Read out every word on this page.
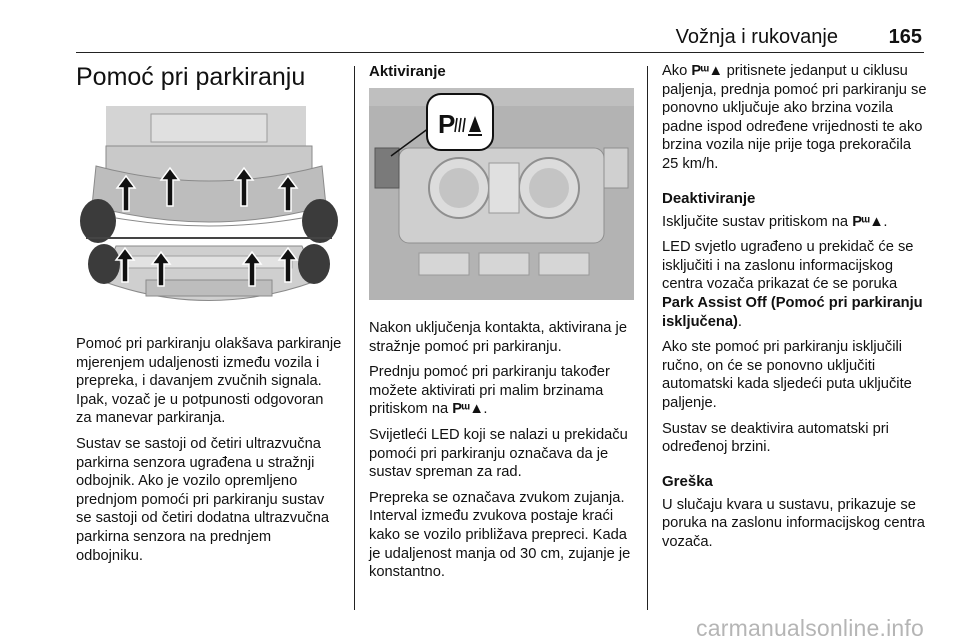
Vožnja i rukovanje	165
Pomoć pri parkiranju

Pomoć pri parkiranju olakšava parkiranje mjerenjem udaljenosti između vozila i prepreka, i davanjem zvučnih signala. Ipak, vozač je u potpunosti odgovoran za manevar parkiranja.

Sustav se sastoji od četiri ultrazvučna parkirna senzora ugrađena u stražnji odbojnik. Ako je vozilo opremljeno prednjom pomoći pri parkiranju sustav se sastoji od četiri dodatna ultrazvučna parkirna senzora na prednjem odbojniku.

Aktiviranje
P

Nakon uključenja kontakta, aktivirana je stražnje pomoć pri parkiranju.

Prednju pomoć pri parkiranju također možete aktivirati pri malim brzinama pritiskom na Pᵚ▲.

Svijetleći LED koji se nalazi u prekidaču pomoći pri parkiranju označava da je sustav spreman za rad.

Prepreka se označava zvukom zujanja. Interval između zvukova postaje kraći kako se vozilo približava prepreci. Kada je udaljenost manja od 30 cm, zujanje je konstantno.

Ako Pᵚ▲ pritisnete jedanput u ciklusu paljenja, prednja pomoć pri parkiranju se ponovno uključuje ako brzina vozila padne ispod određene vrijednosti te ako brzina vozila nije prije toga prekoračila 25 km/h.

Deaktiviranje

Isključite sustav pritiskom na Pᵚ▲.

LED svjetlo ugrađeno u prekidač će se isključiti i na zaslonu informacijskog centra vozača prikazat će se poruka Park Assist Off (Pomoć pri parkiranju isključena).

Ako ste pomoć pri parkiranju isključili ručno, on će se ponovno uključiti automatski kada sljedeći puta uključite paljenje.

Sustav se deaktivira automatski pri određenoj brzini.

Greška

U slučaju kvara u sustavu, prikazuje se poruka na zaslonu informacijskog centra vozača.

carmanualsonline.info
